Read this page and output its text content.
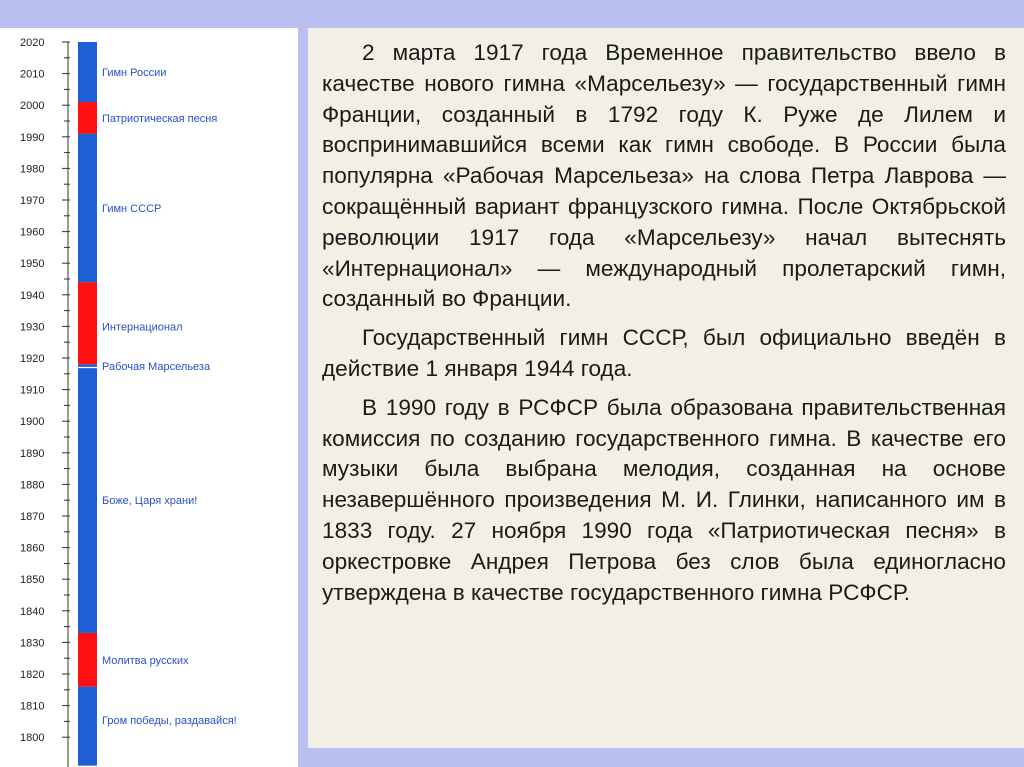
1800
1810
1820
1830
1840
1850
1860
1870
1880
1890
1900
1910
1920
1930
1940
1950
1960
1970
1980
1990
2000
2010
2020
Гром победы, раздавайся!
Молитва русских
Боже, Царя храни!
Рабочая Марсельеза
Интернационал
Гимн СССР
Патриотическая песня
Гимн России

2 марта 1917 года Временное правительство ввело в качестве нового гимна «Марсельезу» — государственный гимн Франции, созданный в 1792 году К. Руже де Лилем и воспринимавшийся всеми как гимн свободе. В России была популярна «Рабочая Марсельеза» на слова Петра Лаврова — сокращённый вариант французского гимна. После Октябрьской революции 1917 года «Марсельезу» начал вытеснять «Интернационал» — международный пролетарский гимн, созданный во Франции.

Государственный гимн СССР, был официально введён в действие 1 января 1944 года.

В 1990 году в РСФСР была образована правительственная комиссия по созданию государственного гимна. В качестве его музыки была выбрана мелодия, созданная на основе незавершённого произведения М. И. Глинки, написанного им в 1833 году. 27 ноября 1990 года «Патриотическая песня» в оркестровке Андрея Петрова без слов была единогласно утверждена в качестве государственного гимна РСФСР.
